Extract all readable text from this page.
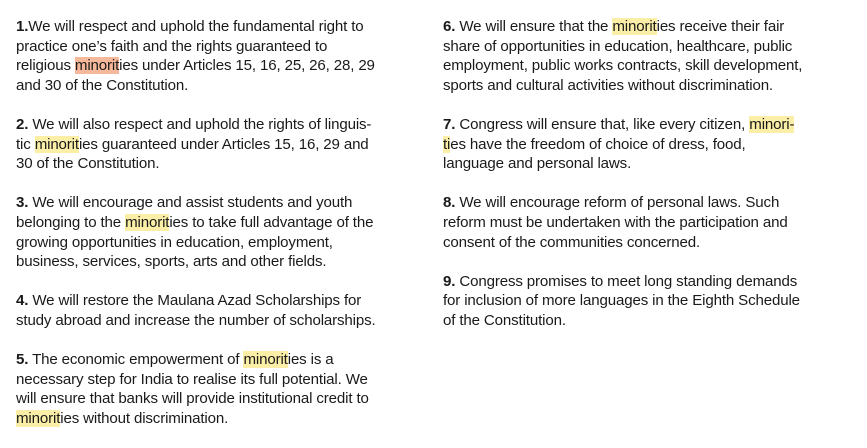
1.We will respect and uphold the fundamental right to
practice one’s faith and the rights guaranteed to
religious minorities under Articles 15, 16, 25, 26, 28, 29
and 30 of the Constitution.
2. We will also respect and uphold the rights of linguis-
tic minorities guaranteed under Articles 15, 16, 29 and
30 of the Constitution.
3. We will encourage and assist students and youth
belonging to the minorities to take full advantage of the
growing opportunities in education, employment,
business, services, sports, arts and other fields.
4. We will restore the Maulana Azad Scholarships for
study abroad and increase the number of scholarships.
5. The economic empowerment of minorities is a
necessary step for India to realise its full potential. We
will ensure that banks will provide institutional credit to
minorities without discrimination.
6. We will ensure that the minorities receive their fair
share of opportunities in education, healthcare, public
employment, public works contracts, skill development,
sports and cultural activities without discrimination.
7. Congress will ensure that, like every citizen, minori-
ties have the freedom of choice of dress, food,
language and personal laws.
8. We will encourage reform of personal laws. Such
reform must be undertaken with the participation and
consent of the communities concerned.
9. Congress promises to meet long standing demands
for inclusion of more languages in the Eighth Schedule
of the Constitution.
